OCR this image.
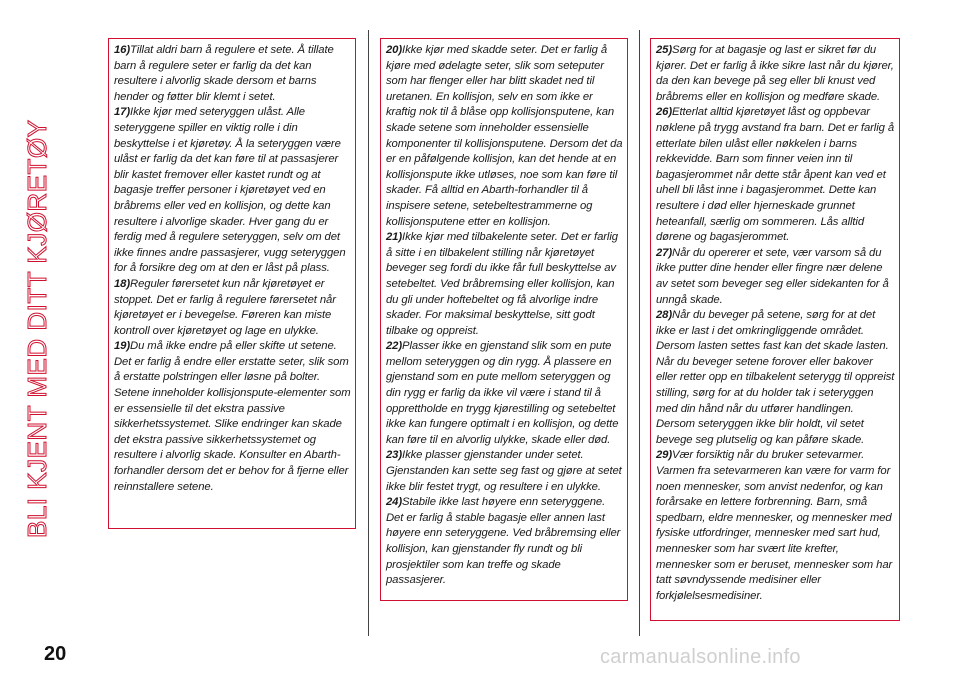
BLI KJENT MED DITT KJØRETØY

16)Tillat aldri barn å regulere et sete. Å tillate barn å regulere seter er farlig da det kan resultere i alvorlig skade dersom et barns hender og føtter blir klemt i setet.

17)Ikke kjør med seteryggen ulåst. Alle seteryggene spiller en viktig rolle i din beskyttelse i et kjøretøy. Å la seteryggen være ulåst er farlig da det kan føre til at passasjerer blir kastet fremover eller kastet rundt og at bagasje treffer personer i kjøretøyet ved en bråbrems eller ved en kollisjon, og dette kan resultere i alvorlige skader. Hver gang du er ferdig med å regulere seteryggen, selv om det ikke finnes andre passasjerer, vugg seteryggen for å forsikre deg om at den er låst på plass.

18)Reguler førersetet kun når kjøretøyet er stoppet. Det er farlig å regulere førersetet når kjøretøyet er i bevegelse. Føreren kan miste kontroll over kjøretøyet og lage en ulykke.

19)Du må ikke endre på eller skifte ut setene. Det er farlig å endre eller erstatte seter, slik som å erstatte polstringen eller løsne på bolter. Setene inneholder kollisjonspute-elementer som er essensielle til det ekstra passive sikkerhetssystemet. Slike endringer kan skade det ekstra passive sikkerhetssystemet og resultere i alvorlig skade. Konsulter en Abarth-forhandler dersom det er behov for å fjerne eller reinnstallere setene.

20)Ikke kjør med skadde seter. Det er farlig å kjøre med ødelagte seter, slik som seteputer som har flenger eller har blitt skadet ned til uretanen. En kollisjon, selv en som ikke er kraftig nok til å blåse opp kollisjonsputene, kan skade setene som inneholder essensielle komponenter til kollisjonsputene. Dersom det da er en påfølgende kollisjon, kan det hende at en kollisjonspute ikke utløses, noe som kan føre til skader. Få alltid en Abarth-forhandler til å inspisere setene, setebeltestrammerne og kollisjonsputene etter en kollisjon.

21)Ikke kjør med tilbakelente seter. Det er farlig å sitte i en tilbakelent stilling når kjøretøyet beveger seg fordi du ikke får full beskyttelse av setebeltet. Ved bråbremsing eller kollisjon, kan du gli under hoftebeltet og få alvorlige indre skader. For maksimal beskyttelse, sitt godt tilbake og oppreist.

22)Plasser ikke en gjenstand slik som en pute mellom seteryggen og din rygg. Å plassere en gjenstand som en pute mellom seteryggen og din rygg er farlig da ikke vil være i stand til å opprettholde en trygg kjørestilling og setebeltet ikke kan fungere optimalt i en kollisjon, og dette kan føre til en alvorlig ulykke, skade eller død.

23)Ikke plasser gjenstander under setet. Gjenstanden kan sette seg fast og gjøre at setet ikke blir festet trygt, og resultere i en ulykke.

24)Stabile ikke last høyere enn seteryggene. Det er farlig å stable bagasje eller annen last høyere enn seteryggene. Ved bråbremsing eller kollisjon, kan gjenstander fly rundt og bli prosjektiler som kan treffe og skade passasjerer.

25)Sørg for at bagasje og last er sikret før du kjører. Det er farlig å ikke sikre last når du kjører, da den kan bevege på seg eller bli knust ved bråbrems eller en kollisjon og medføre skade.

26)Etterlat alltid kjøretøyet låst og oppbevar nøklene på trygg avstand fra barn. Det er farlig å etterlate bilen ulåst eller nøkkelen i barns rekkevidde. Barn som finner veien inn til bagasjerommet når dette står åpent kan ved et uhell bli låst inne i bagasjerommet. Dette kan resultere i død eller hjerneskade grunnet heteanfall, særlig om sommeren. Lås alltid dørene og bagasjerommet.

27)Når du opererer et sete, vær varsom så du ikke putter dine hender eller fingre nær delene av setet som beveger seg eller sidekanten for å unngå skade.

28)Når du beveger på setene, sørg for at det ikke er last i det omkringliggende området. Dersom lasten settes fast kan det skade lasten. Når du beveger setene forover eller bakover eller retter opp en tilbakelent seterygg til oppreist stilling, sørg for at du holder tak i seteryggen med din hånd når du utfører handlingen. Dersom seteryggen ikke blir holdt, vil setet bevege seg plutselig og kan påføre skade.

29)Vær forsiktig når du bruker setevarmer. Varmen fra setevarmeren kan være for varm for noen mennesker, som anvist nedenfor, og kan forårsake en lettere forbrenning. Barn, små spedbarn, eldre mennesker, og mennesker med fysiske utfordringer, mennesker med sart hud, mennesker som har svært lite krefter, mennesker som er beruset, mennesker som har tatt søvndyssende medisiner eller forkjølelsesmedisiner.

20	carmanualsonline.info
